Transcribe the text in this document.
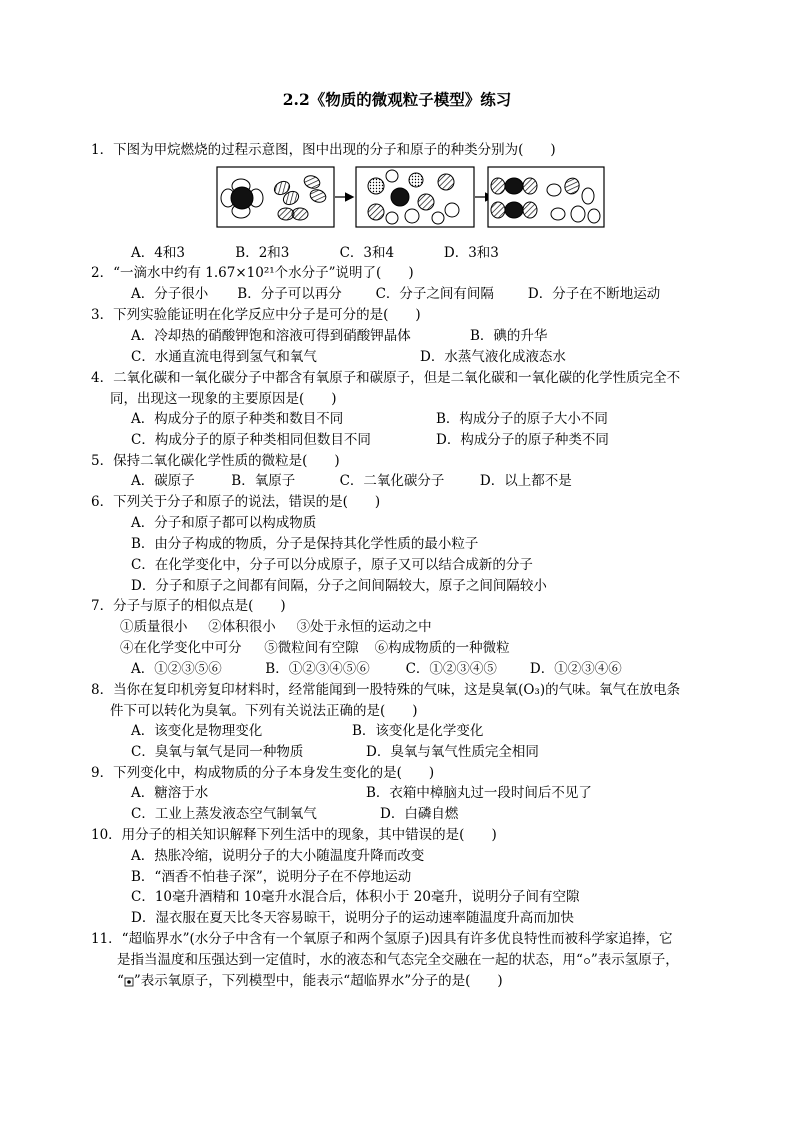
2.2《物质的微观粒子模型》练习
1．下图为甲烷燃烧的过程示意图，图中出现的分子和原子的种类分别为(　　)
A．4和3	B．2和3	C．3和4	D．3和3
2．“一滴水中约有 1.67×10²¹个水分子”说明了(　　)
A．分子很小 B．分子可以再分	C．分子之间有间隔	D．分子在不断地运动
3．下列实验能证明在化学反应中分子是可分的是(　　)
A．冷却热的硝酸钾饱和溶液可得到硝酸钾晶体	B．碘的升华
C．水通直流电得到氢气和氧气	D．水蒸气液化成液态水
4．二氧化碳和一氧化碳分子中都含有氧原子和碳原子，但是二氧化碳和一氧化碳的化学性质完全不
同，出现这一现象的主要原因是(　　)
A．构成分子的原子种类和数目不同	B．构成分子的原子大小不同
C．构成分子的原子种类相同但数目不同	D．构成分子的原子种类不同
5．保持二氧化碳化学性质的微粒是(　　)
A．碳原子	B．氧原子	C．二氧化碳分子	D．以上都不是
6．下列关于分子和原子的说法，错误的是(　　)
A．分子和原子都可以构成物质
B．由分子构成的物质，分子是保持其化学性质的最小粒子
C．在化学变化中，分子可以分成原子，原子又可以结合成新的分子
D．分子和原子之间都有间隔，分子之间间隔较大，原子之间间隔较小
7．分子与原子的相似点是(　　)
①质量很小 ②体积很小 ③处于永恒的运动之中
④在化学变化中可分 ⑤微粒间有空隙 ⑥构成物质的一种微粒
A．①②③⑤⑥	B．①②③④⑤⑥	C．①②③④⑤ D．①②③④⑥
8．当你在复印机旁复印材料时，经常能闻到一股特殊的气味，这是臭氧(O₃)的气味。氧气在放电条
件下可以转化为臭氧。下列有关说法正确的是(　　)
A．该变化是物理变化	B．该变化是化学变化
C．臭氧与氧气是同一种物质	D．臭氧与氧气性质完全相同
9．下列变化中，构成物质的分子本身发生变化的是(　　)
A．糖溶于水	B．衣箱中樟脑丸过一段时间后不见了
C．工业上蒸发液态空气制氧气	D．白磷自燃
10．用分子的相关知识解释下列生活中的现象，其中错误的是(　　)
A．热胀冷缩，说明分子的大小随温度升降而改变
B．“酒香不怕巷子深”，说明分子在不停地运动
C．10毫升酒精和 10毫升水混合后，体积小于 20毫升，说明分子间有空隙
D．湿衣服在夏天比冬天容易晾干，说明分子的运动速率随温度升高而加快
11．“超临界水”(水分子中含有一个氧原子和两个氢原子)因具有许多优良特性而被科学家追捧，它
是指当温度和压强达到一定值时，水的液态和气态完全交融在一起的状态，用“ ”表示氢原子，
“ ”表示氧原子，下列模型中，能表示“超临界水”分子的是(　　)
